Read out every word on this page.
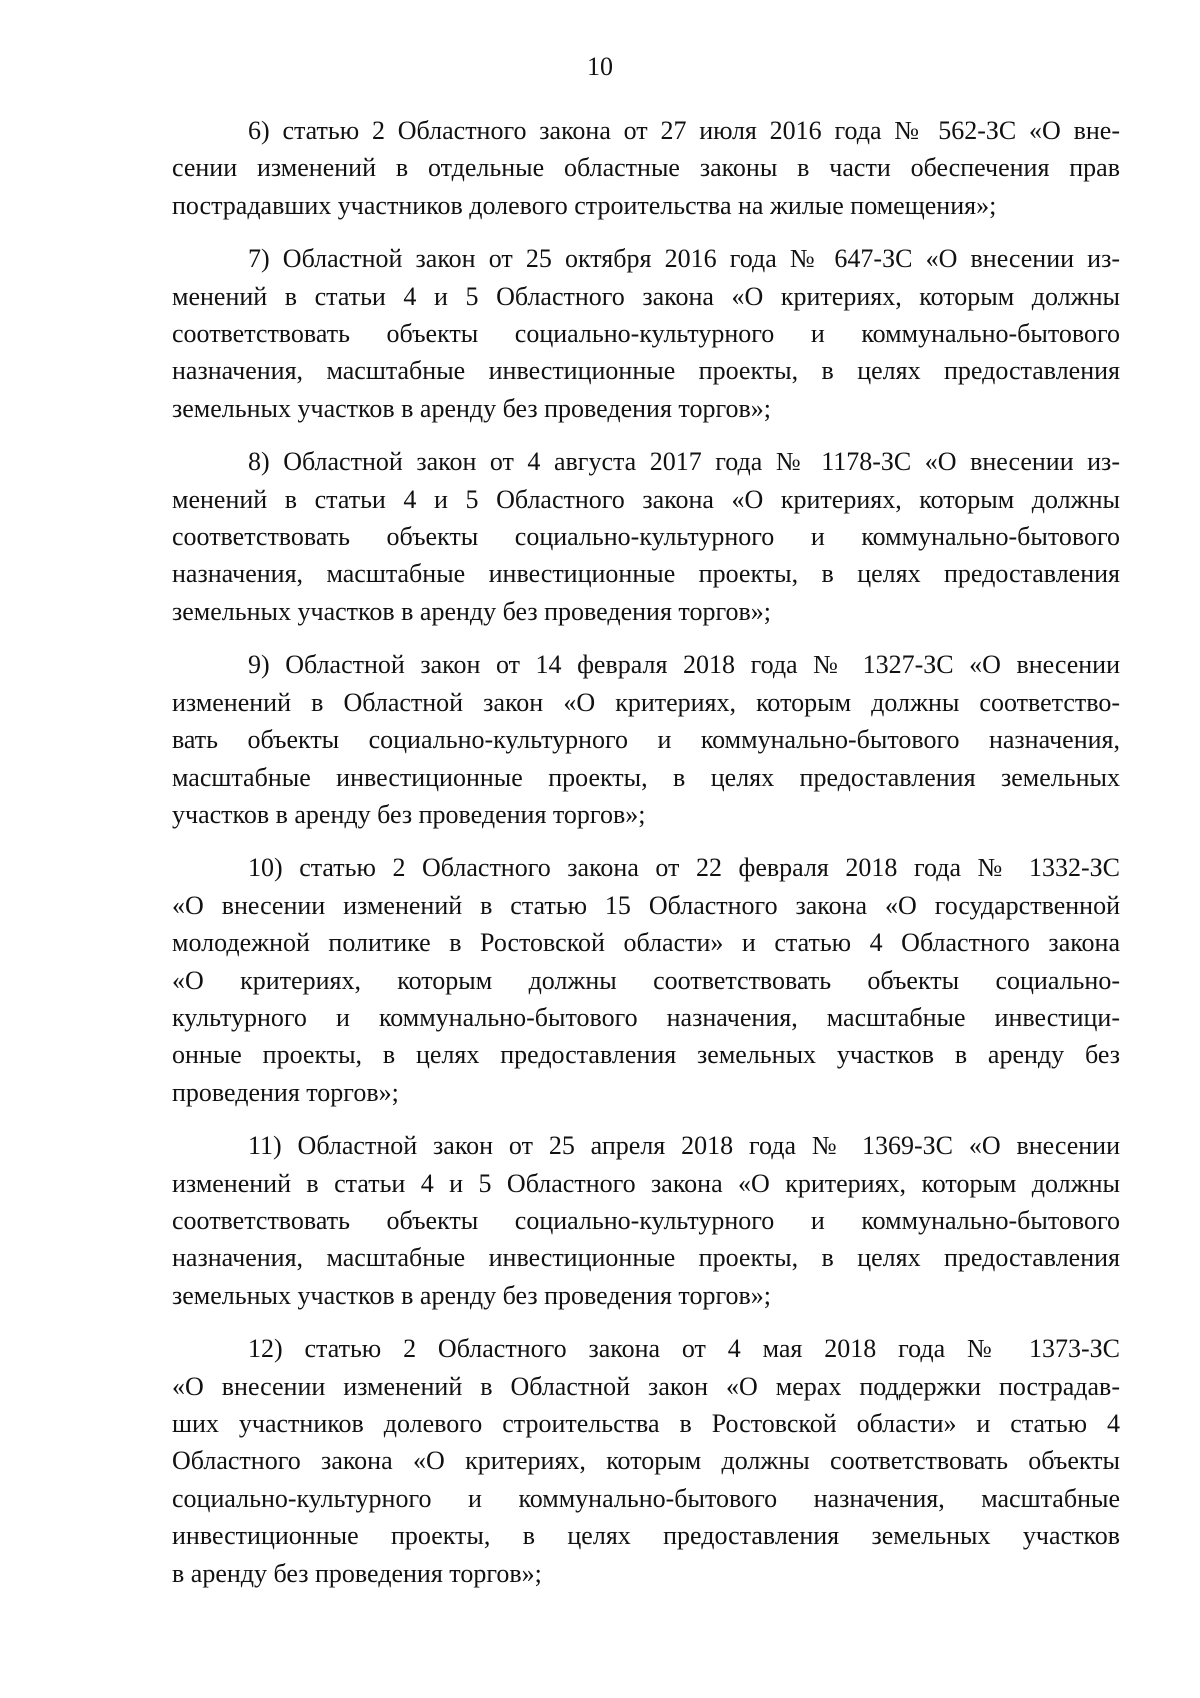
10

6) статью 2 Областного закона от 27 июля 2016 года № 562-ЗС «О вне-
сении изменений в отдельные областные законы в части обеспечения прав
пострадавших участников долевого строительства на жилые помещения»;

7) Областной закон от 25 октября 2016 года № 647-ЗС «О внесении из-
менений в статьи 4 и 5 Областного закона «О критериях, которым должны
соответствовать объекты социально-культурного и коммунально-бытового
назначения, масштабные инвестиционные проекты, в целях предоставления
земельных участков в аренду без проведения торгов»;

8) Областной закон от 4 августа 2017 года № 1178-ЗС «О внесении из-
менений в статьи 4 и 5 Областного закона «О критериях, которым должны
соответствовать объекты социально-культурного и коммунально-бытового
назначения, масштабные инвестиционные проекты, в целях предоставления
земельных участков в аренду без проведения торгов»;

9) Областной закон от 14 февраля 2018 года № 1327-ЗС «О внесении
изменений в Областной закон «О критериях, которым должны соответство-
вать объекты социально-культурного и коммунально-бытового назначения,
масштабные инвестиционные проекты, в целях предоставления земельных
участков в аренду без проведения торгов»;

10) статью 2 Областного закона от 22 февраля 2018 года № 1332-ЗС
«О внесении изменений в статью 15 Областного закона «О государственной
молодежной политике в Ростовской области» и статью 4 Областного закона
«О критериях, которым должны соответствовать объекты социально-
культурного и коммунально-бытового назначения, масштабные инвестици-
онные проекты, в целях предоставления земельных участков в аренду без
проведения торгов»;

11) Областной закон от 25 апреля 2018 года № 1369-ЗС «О внесении
изменений в статьи 4 и 5 Областного закона «О критериях, которым должны
соответствовать объекты социально-культурного и коммунально-бытового
назначения, масштабные инвестиционные проекты, в целях предоставления
земельных участков в аренду без проведения торгов»;

12) статью 2 Областного закона от 4 мая 2018 года № 1373-ЗС
«О внесении изменений в Областной закон «О мерах поддержки пострадав-
ших участников долевого строительства в Ростовской области» и статью 4
Областного закона «О критериях, которым должны соответствовать объекты
социально-культурного и коммунально-бытового назначения, масштабные
инвестиционные проекты, в целях предоставления земельных участков
в аренду без проведения торгов»;
